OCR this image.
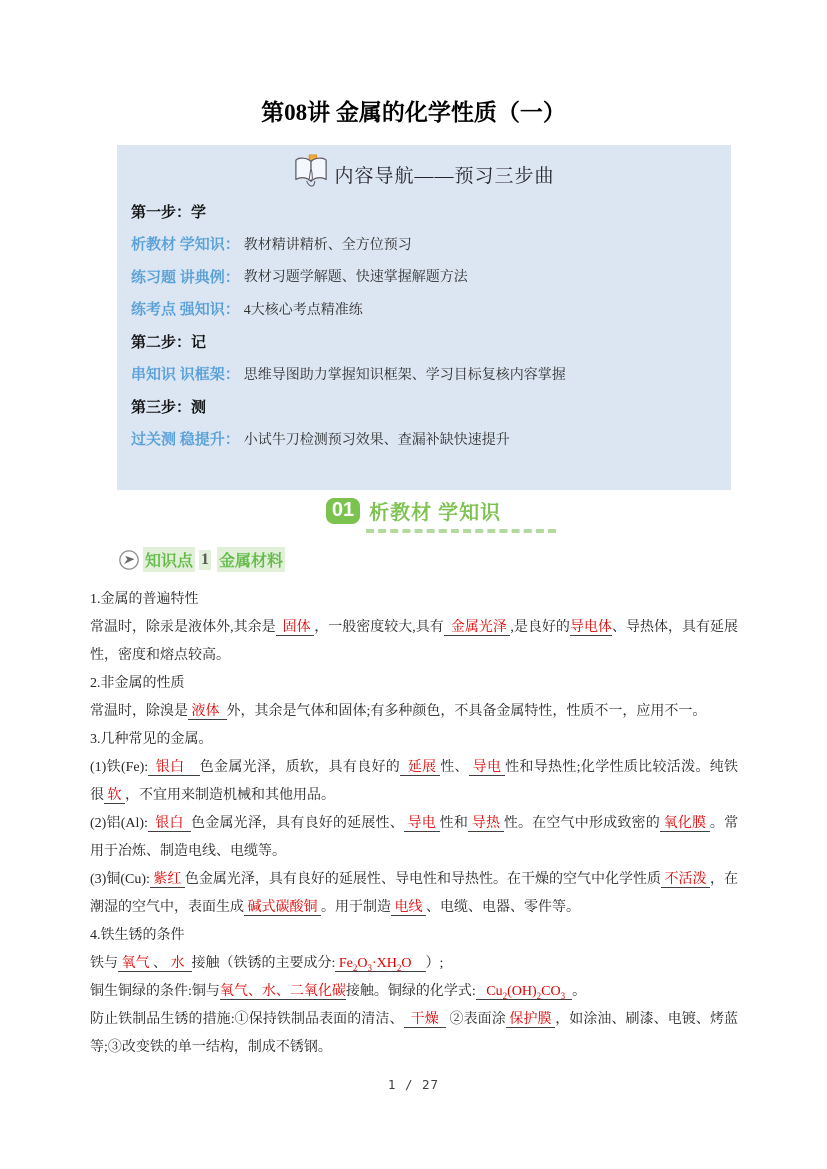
第08讲 金属的化学性质（一）
内容导航——预习三步曲
第一步：学
析教材 学知识： 教材精讲精析、全方位预习
练习题 讲典例： 教材习题学解题、快速掌握解题方法
练考点 强知识： 4大核心考点精准练
第二步：记
串知识 识框架： 思维导图助力掌握知识框架、学习目标复核内容掌握
第三步：测
过关测 稳提升： 小试牛刀检测预习效果、查漏补缺快速提升
01 析教材 学知识
知识点 1 金属材料
1.金属的普遍特性
常温时，除汞是液体外,其余是  固体 ，一般密度较大,具有  金属光泽 ,是良好的导电体、导热体，具有延展性，密度和熔点较高。
2.非金属的性质
常温时，除溴是 液体  外，其余是气体和固体;有多种颜色，不具备金属特性，性质不一，应用不一。
3.几种常见的金属。
(1)铁(Fe):  银白    色金属光泽，质软，具有良好的  延展 性、 导电 性和导热性;化学性质比较活泼。纯铁很 软 ，不宜用来制造机械和其他用品。
(2)铝(Al):  银白  色金属光泽，具有良好的延展性、 导电 性和 导热 性。在空气中形成致密的 氧化膜 。常用于冶炼、制造电线、电缆等。
(3)铜(Cu): 紫红 色金属光泽，具有良好的延展性、导电性和导热性。在干燥的空气中化学性质 不活泼 ，在潮湿的空气中，表面生成 碱式碳酸铜 。用于制造 电线 、电缆、电器、零件等。
4.铁生锈的条件
铁与 氧气 、 水  接触（铁锈的主要成分: $Fe_2O_3\cdot XH_2O$    ）;
铜生铜绿的条件:铜与氧气、水、二氧化碳接触。铜绿的化学式:   $Cu_2(OH)_2CO_3$ 。
防止铁制品生锈的措施:①保持铁制品表面的清洁、  干燥   ②表面涂 保护膜 ，如涂油、刷漆、电镀、烤蓝等;③改变铁的单一结构，制成不锈钢。
1 / 27
